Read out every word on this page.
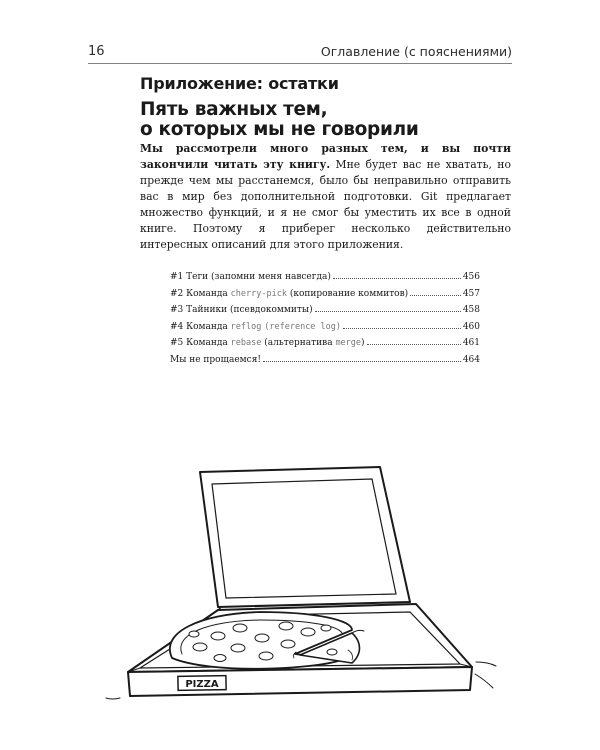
16	Оглавление (с пояснениями)
Приложение: остатки
Пять важных тем,
о которых мы не говорили

Мы рассмотрели много разных тем, и вы почти закончили читать эту книгу. Мне будет вас не хватать, но прежде чем мы расстанемся, было бы неправильно отправить вас в мир без дополнительной подготовки. Git предлагает множество функций, и я не смог бы уместить их все в одной книге. Поэтому я приберег несколько действительно интересных описаний для этого приложения.

#1 Теги (запомни меня навсегда)	456
#2 Команда cherry-pick (копирование коммитов)	457
#3 Тайники (псевдокоммиты)	458
#4 Команда reflog (reference log)	460
#5 Команда rebase (альтернатива merge)	461
Мы не прощаемся!	464
PIZZA
